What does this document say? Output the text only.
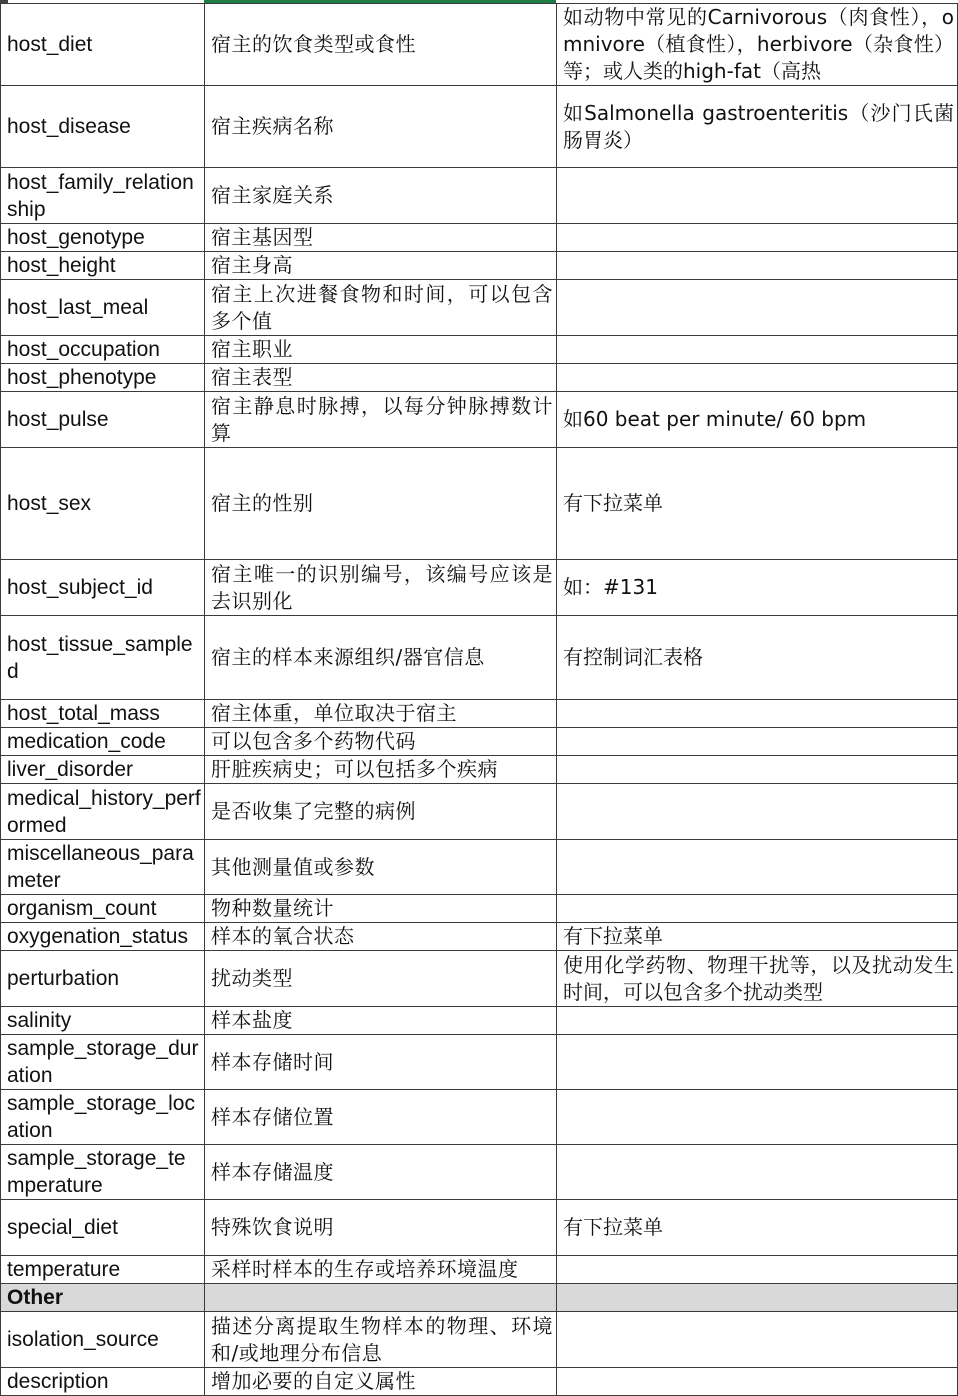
host_diet	宿主的饮食类型或食性	如动物中常见的Carnivorous（肉食性），omnivore（植食性），herbivore（杂食性）等；或人类的high-fat（高热
host_disease	宿主疾病名称	如Salmonella gastroenteritis（沙门氏菌肠胃炎）
host_family_relationship	宿主家庭关系	
host_genotype	宿主基因型	
host_height	宿主身高	
host_last_meal	宿主上次进餐食物和时间，可以包含多个值	
host_occupation	宿主职业	
host_phenotype	宿主表型	
host_pulse	宿主静息时脉搏，以每分钟脉搏数计算	如60 beat per minute/ 60 bpm
host_sex	宿主的性别	有下拉菜单
host_subject_id	宿主唯一的识别编号，该编号应该是去识别化	如：#131
host_tissue_sampled	宿主的样本来源组织/器官信息	有控制词汇表格
host_total_mass	宿主体重，单位取决于宿主	
medication_code	可以包含多个药物代码	
liver_disorder	肝脏疾病史；可以包括多个疾病	
medical_history_performed	是否收集了完整的病例	
miscellaneous_parameter	其他测量值或参数	
organism_count	物种数量统计	
oxygenation_status	样本的氧合状态	有下拉菜单
perturbation	扰动类型	使用化学药物、物理干扰等，以及扰动发生时间，可以包含多个扰动类型
salinity	样本盐度	
sample_storage_duration	样本存储时间	
sample_storage_location	样本存储位置	
sample_storage_temperature	样本存储温度	
special_diet	特殊饮食说明	有下拉菜单
temperature	采样时样本的生存或培养环境温度	
Other		
isolation_source	描述分离提取生物样本的物理、环境和/或地理分布信息	
description	增加必要的自定义属性	
